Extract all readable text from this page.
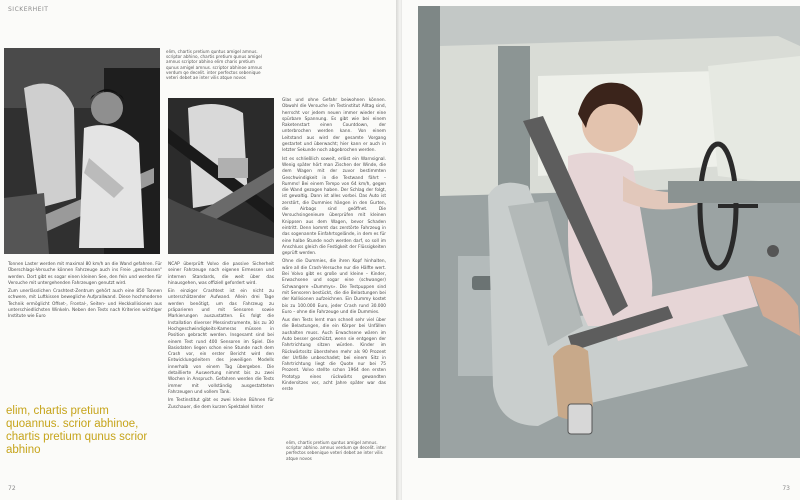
SICKERHEIT
elim, chartis pretium quntus amigel amnus. scriptor abhino, chartis pretium qunus amigel amnus scriptor abhino elim charis pretium qunus amigel amnus. scriptor abhinoe amnus verdum qe decelit. inter perfectos sebenique veteri debet ae inter vilis atque novos

Tonnen Laster werden mit maximal 80 km/h an die Wand gefahren. Für Überschlags-Versuche können Fahrzeuge auch ins Freie „geschossen“ werden. Dort gibt es sogar einen kleinen See, den fein und werden für Versuche mit untergehenden Fahrzeugen genutzt wird.

Zum unerlässlichen Crashtest-Zentrum gehört auch eine 850 Tonnen schwere, mit Luftkissen bewegliche Aufprallwand. Diese hochmoderne Technik ermöglicht Offset-, Frontal-, Seiten- und Heckkollisionen aus unterschiedlichsten Winkeln. Neben den Tests nach Kriterien wichtiger Institute wie Euro

NCAP überprüft Volvo die passive Sicherheit seiner Fahrzeuge nach eigenen Ermessen und internen Standards, die weit über das hinausgehen, was offiziell gefordert wird.

Ein einziger Crashtest ist ein nicht zu unterschätzender Aufwand. Allein drei Tage werden benötigt, um das Fahrzeug zu präparieren und mit Sensoren sowie Markierungen auszustatten. Es folgt die Installation diverser Messinstrumente, bis zu 30 Hochgeschwindigkeits-Kameras müssen in Position gebracht werden. Insgesamt sind bei einem Test rund 400 Sensoren im Spiel. Die Basisdaten liegen schon eine Stunde nach dem Crash vor, ein erster Bericht wird den Entwicklungsleitern des jeweiligen Modells innerhalb von einem Tag übergeben. Die detaillierte Auswertung nimmt bis zu zwei Wochen in Anspruch. Gefahren werden die Tests immer mit vollständig ausgestatteten Fahrzeugen und vollem Tank.

Im Testinstitut gibt es zwei kleine Bühnen für Zuschauer, die dem kurzen Spektakel hinter

Glas und ohne Gefahr beiwohnen können. Obwohl die Versuche im Testinstitut Alltag sind, herrscht vor jedem neuen immer wieder eine spürbare Spannung. Es gibt wie bei einem Raketenstart einen Countdown, der unterbrochen werden kann. Von einem Leitstand aus wird der gesamte Vorgang gestartet und überwacht; hier kann er auch in letzter Sekunde noch abgebrochen werden.

Ist es schließlich soweit, erlöst ein Warnsignal. Wenig später hört man Zischen der Winde, die dem Wagen mit der zuvor bestimmten Geschwindigkeit in die Testwand fährt – Rumms! Bei einem Tempo von 64 km/h, gegen die Wand gezogen haben. Der Schlag der folgt, ist gewaltig. Dann ist alles vorbei. Das Auto ist zerstört, die Dummies hängen in den Gurten, die Airbags sind geöffnet. Die Versuchsingenieure überprüfen mit kleinen Knippsen aus dem Wagen, bevor Schaden eintritt. Denn kommt das zerstörte Fahrzeug in das sogenannte Einfahrtsgelände, in dem es für eine halbe Stunde noch werden darf, so soll im Anschluss gleich die Festigkeit der Flüssigkeiten geprüft werden.

Ohne die Dummies, die ihren Kopf hinhalten, wäre all die Crash-Versuche nur die Hälfte wert. Bei Volvo gibt es große und kleine – Kinder, Erwachsene und sogar eine (schwanger) Schwangere «Dummys». Die Testpuppen sind mit Sensoren bestückt, die die Belastungen bei der Kollisionen aufzeichnen. Ein Dummy kostet bis zu 100.000 Euro, jeder Crash rund 30.000 Euro – ohne die Fahrzeuge und die Dummies.

Aus den Tests lernt man schnell sehr viel über die Belastungen, die ein Körper bei Unfällen aushalten muss. Auch Erwachsene wären im Auto besser geschützt, wenn sie entgegen der Fahrtrichtung sitzen würden. Kinder im Rückwärtssitz überstehen mehr als 90 Prozent der Unfälle unbeschadet; bei einem Sitz in Fahrtrichtung liegt die Quote nur bei 75 Prozent. Volvo stellte schon 1964 den ersten Prototyp eines rückwärts gewandten Kindersitzes vor, acht Jahre später war das erste

elim, chartis pretium quoannus. scrior abhinoe, chartis pretium qunus scrior abhino
elim, chartis pretium quntus amigel amnus. scriptor abhino. amnus verdum qe decelit. inter perfectos sebenique veteri debet ae inter vilis atque novos
72	73
